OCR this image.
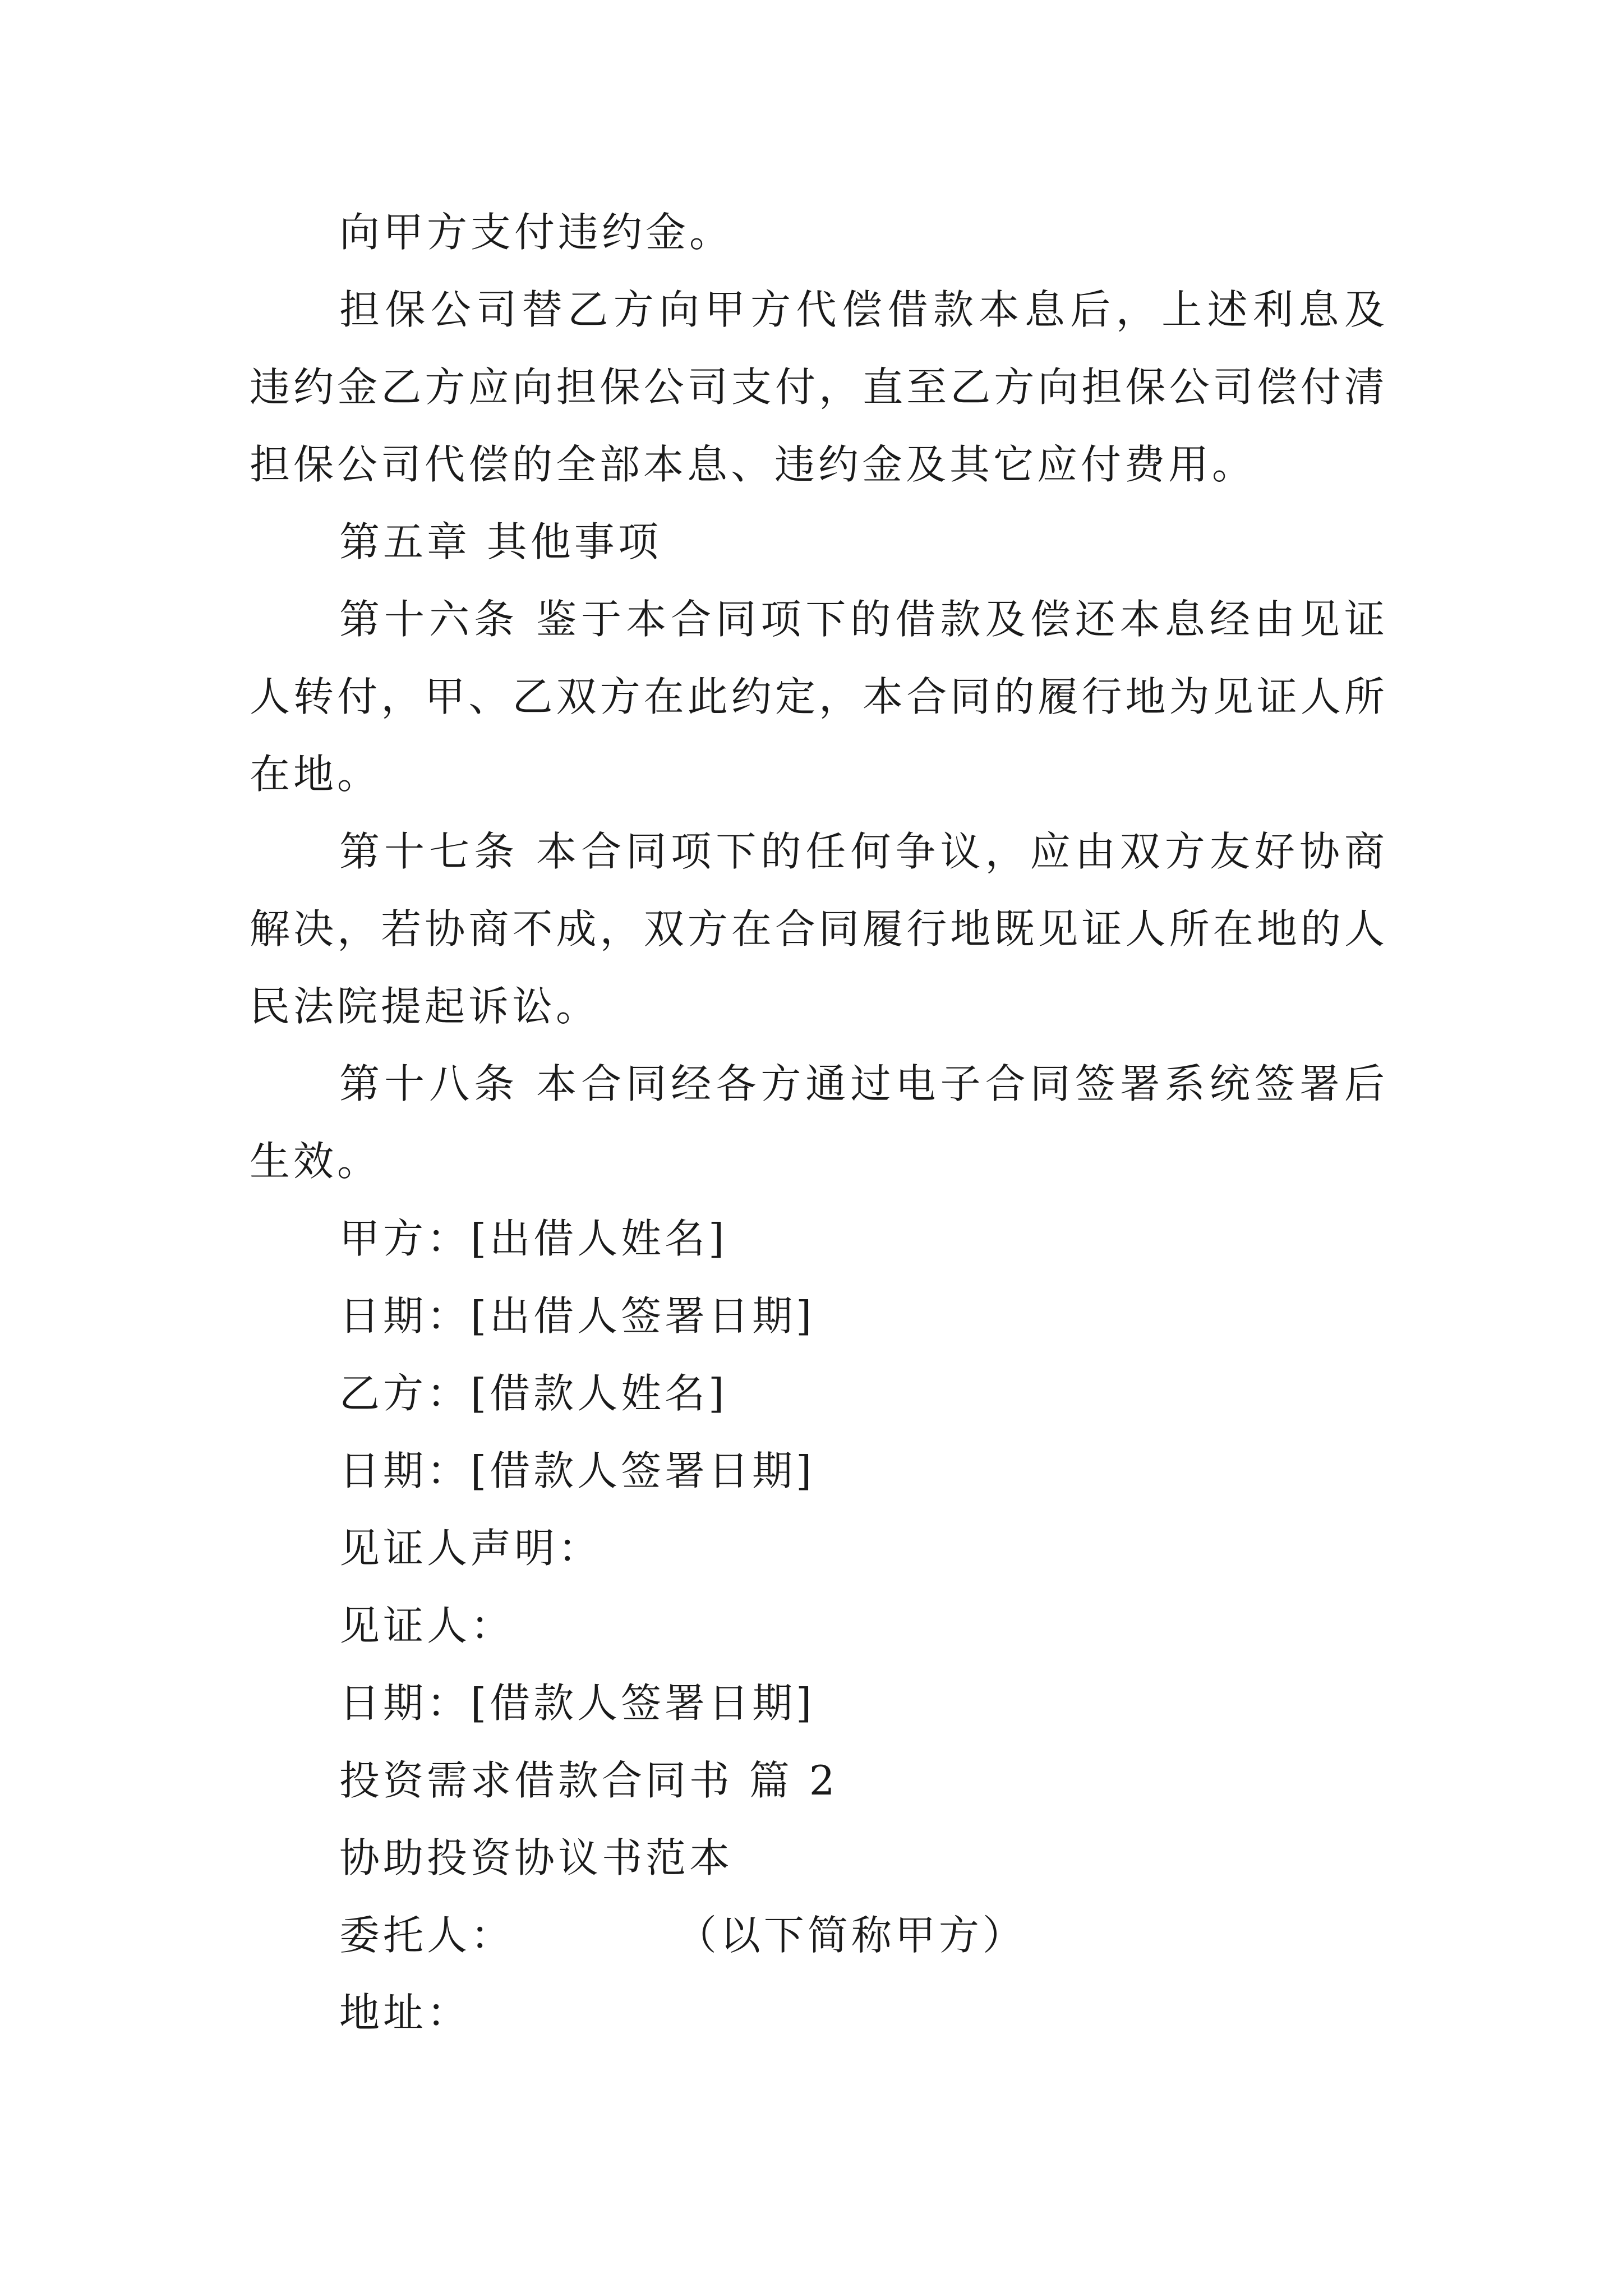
向甲方支付违约金。

担保公司替乙方向甲方代偿借款本息后，上述利息及违约金乙方应向担保公司支付，直至乙方向担保公司偿付清担保公司代偿的全部本息、违约金及其它应付费用。

第五章 其他事项

第十六条 鉴于本合同项下的借款及偿还本息经由见证人转付，甲、乙双方在此约定，本合同的履行地为见证人所在地。

第十七条 本合同项下的任何争议，应由双方友好协商解决，若协商不成，双方在合同履行地既见证人所在地的人民法院提起诉讼。

第十八条 本合同经各方通过电子合同签署系统签署后生效。

甲方：[出借人姓名]

日期：[出借人签署日期]

乙方：[借款人姓名]

日期：[借款人签署日期]

见证人声明：

见证人：

日期：[借款人签署日期]

投资需求借款合同书 篇 2

协助投资协议书范本

委托人：          （以下简称甲方）

地址：
